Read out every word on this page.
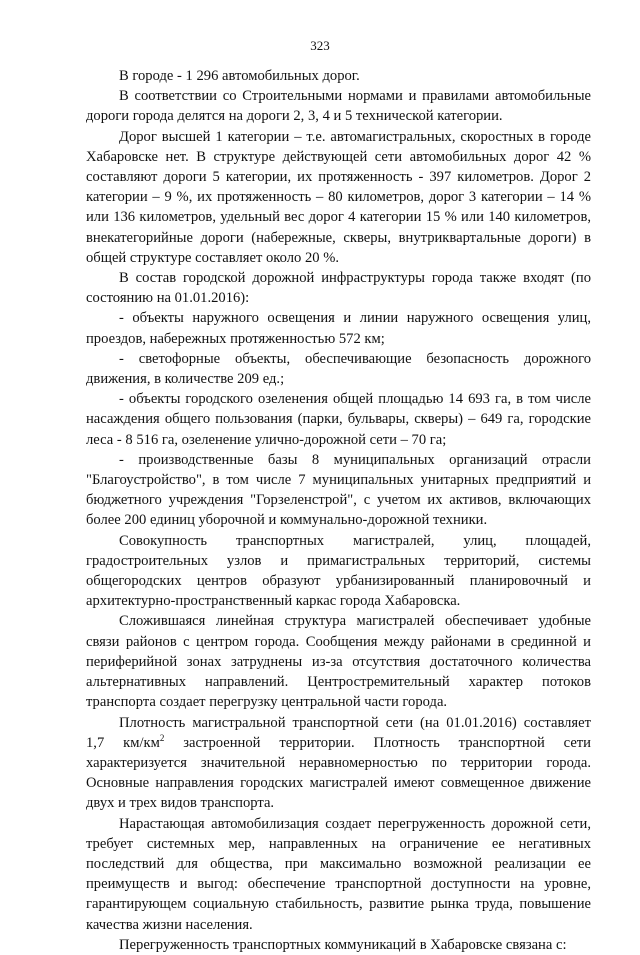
323

В городе - 1 296 автомобильных дорог.

В соответствии со Строительными нормами и правилами автомобильные дороги города делятся на дороги 2, 3, 4 и 5 технической категории.

Дорог высшей 1 категории – т.е. автомагистральных, скоростных в городе Хабаровске нет. В структуре действующей сети автомобильных дорог 42 % составляют дороги 5 категории, их протяженность - 397 километров. Дорог 2 категории – 9 %, их протяженность – 80 километров, дорог 3 категории – 14 % или 136 километров, удельный вес дорог 4 категории 15 % или 140 километров, внекатегорийные дороги (набережные, скверы, внутриквартальные дороги) в общей структуре составляет около 20 %.

В состав городской дорожной инфраструктуры города также входят (по состоянию на 01.01.2016):

- объекты наружного освещения и линии наружного освещения улиц, проездов, набережных протяженностью 572 км;

- светофорные объекты, обеспечивающие безопасность дорожного движения, в количестве 209 ед.;

- объекты городского озеленения общей площадью 14 693 га, в том числе насаждения общего пользования (парки, бульвары, скверы) – 649 га, городские леса - 8 516 га, озеленение улично-дорожной сети – 70 га;

- производственные базы 8 муниципальных организаций отрасли "Благоустройство", в том числе 7 муниципальных унитарных предприятий и бюджетного учреждения "Горзеленстрой", с учетом их активов, включающих более 200 единиц уборочной и коммунально-дорожной техники.

Совокупность транспортных магистралей, улиц, площадей, градостроительных узлов и примагистральных территорий, системы общегородских центров образуют урбанизированный планировочный и архитектурно-пространственный каркас города Хабаровска.

Сложившаяся линейная структура магистралей обеспечивает удобные связи районов с центром города. Сообщения между районами в срединной и периферийной зонах затруднены из-за отсутствия достаточного количества альтернативных направлений. Центростремительный характер потоков транспорта создает перегрузку центральной части города.

Плотность магистральной транспортной сети (на 01.01.2016) составляет 1,7 $км/км^2$ застроенной территории. Плотность транспортной сети характеризуется значительной неравномерностью по территории города. Основные направления городских магистралей имеют совмещенное движение двух и трех видов транспорта.

Нарастающая автомобилизация создает перегруженность дорожной сети, требует системных мер, направленных на ограничение ее негативных последствий для общества, при максимально возможной реализации ее преимуществ и выгод: обеспечение транспортной доступности на уровне, гарантирующем социальную стабильность, развитие рынка труда, повышение качества жизни населения.

Перегруженность транспортных коммуникаций в Хабаровске связана с:
